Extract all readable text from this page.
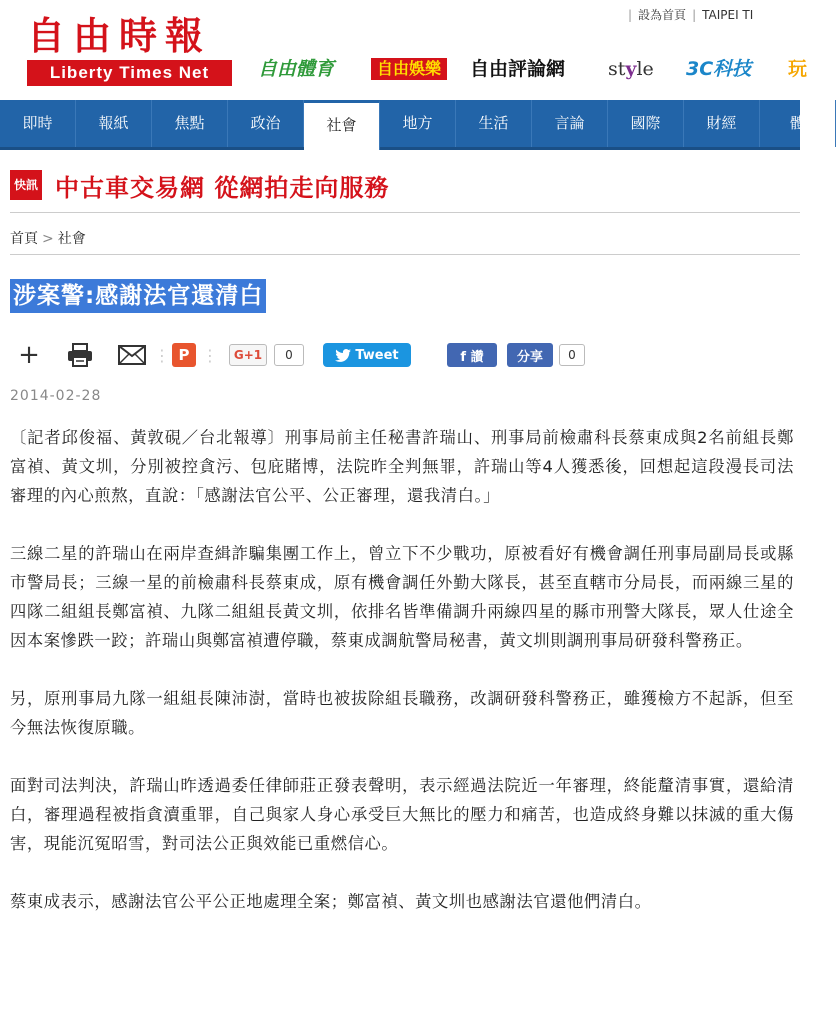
| 設為首頁 | TAIPEI TI
自由時報
Liberty Times Net	自由體育	自由娛樂	自由評論網 style 3C科技 玩
即時	報紙	焦點	政治	社會	地方	生活	言論	國際	財經	體
快訊 中古車交易網 從網拍走向服務
首頁 > 社會
涉案警:感謝法官還清白
+	⋮ P ⋮	G+1	0	Tweet	f 讚	分享	0
2014-02-28

〔記者邱俊福、黃敦硯／台北報導〕刑事局前主任秘書許瑞山、刑事局前檢肅科長蔡東成與2名前組長鄭富禎、黃文圳，分別被控貪污、包庇賭博，法院昨全判無罪，許瑞山等4人獲悉後，回想起這段漫長司法審理的內心煎熬，直說：「感謝法官公平、公正審理，還我清白。」

三線二星的許瑞山在兩岸查緝詐騙集團工作上，曾立下不少戰功，原被看好有機會調任刑事局副局長或縣市警局長；三線一星的前檢肅科長蔡東成，原有機會調任外勤大隊長，甚至直轄市分局長，而兩線三星的四隊二組組長鄭富禎、九隊二組組長黃文圳，依排名皆準備調升兩線四星的縣市刑警大隊長，眾人仕途全因本案慘跌一跤；許瑞山與鄭富禎遭停職，蔡東成調航警局秘書，黃文圳則調刑事局研發科警務正。

另，原刑事局九隊一組組長陳沛澍，當時也被拔除組長職務，改調研發科警務正，雖獲檢方不起訴，但至今無法恢復原職。

面對司法判決，許瑞山昨透過委任律師莊正發表聲明，表示經過法院近一年審理，終能釐清事實，還給清白，審理過程被指貪瀆重罪，自己與家人身心承受巨大無比的壓力和痛苦，也造成終身難以抹滅的重大傷害，現能沉冤昭雪，對司法公正與效能已重燃信心。

蔡東成表示，感謝法官公平公正地處理全案；鄭富禎、黃文圳也感謝法官還他們清白。
